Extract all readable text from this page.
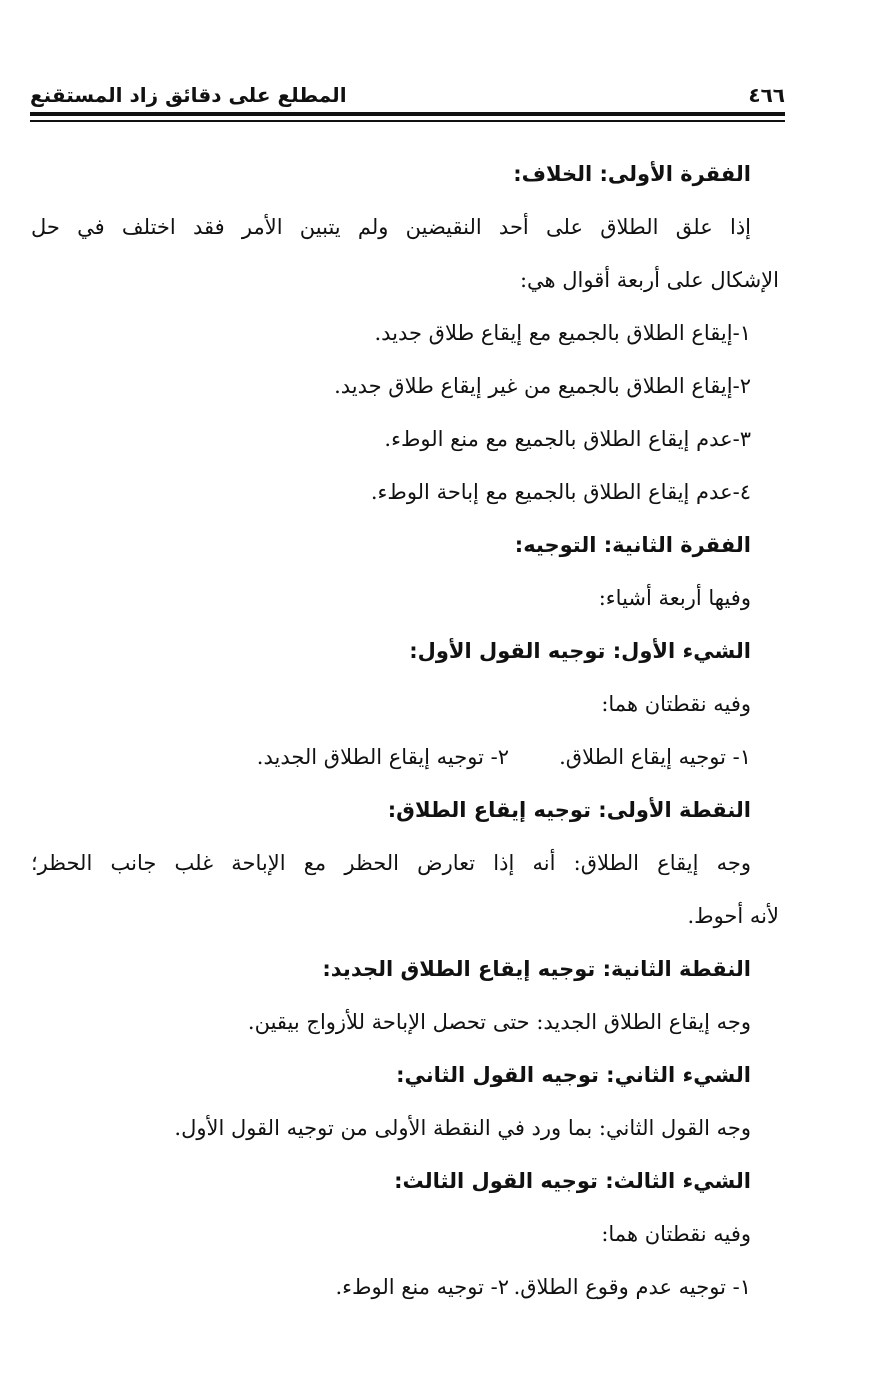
٤٦٦
المطلع على دقائق زاد المستقنع
الفقرة الأولى: الخلاف:
إذا علق الطلاق على أحد النقيضين ولم يتبين الأمر فقد اختلف في حل
الإشكال على أربعة أقوال هي:
١-إيقاع الطلاق بالجميع مع إيقاع طلاق جديد.
٢-إيقاع الطلاق بالجميع من غير إيقاع طلاق جديد.
٣-عدم إيقاع الطلاق بالجميع مع منع الوطء.
٤-عدم إيقاع الطلاق بالجميع مع إباحة الوطء.
الفقرة الثانية: التوجيه:
وفيها أربعة أشياء:
الشيء الأول: توجيه القول الأول:
وفيه نقطتان هما:
١- توجيه إيقاع الطلاق.
٢- توجيه إيقاع الطلاق الجديد.
النقطة الأولى: توجيه إيقاع الطلاق:
وجه إيقاع الطلاق: أنه إذا تعارض الحظر مع الإباحة غلب جانب الحظر؛
لأنه أحوط.
النقطة الثانية: توجيه إيقاع الطلاق الجديد:
وجه إيقاع الطلاق الجديد: حتى تحصل الإباحة للأزواج بيقين.
الشيء الثاني: توجيه القول الثاني:
وجه القول الثاني: بما ورد في النقطة الأولى من توجيه القول الأول.
الشيء الثالث: توجيه القول الثالث:
وفيه نقطتان هما:
١- توجيه عدم وقوع الطلاق.
٢- توجيه منع الوطء.
